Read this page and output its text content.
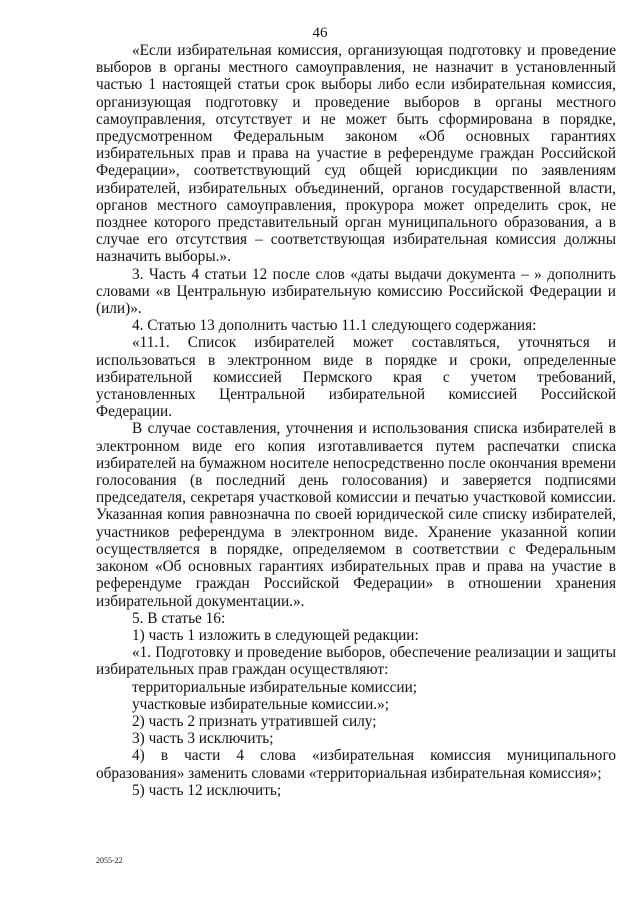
46

«Если избирательная комиссия, организующая подготовку и проведение выборов в органы местного самоуправления, не назначит в установленный частью 1 настоящей статьи срок выборы либо если избирательная комиссия, организующая подготовку и проведение выборов в органы местного самоуправления, отсутствует и не может быть сформирована в порядке, предусмотренном Федеральным законом «Об основных гарантиях избирательных прав и права на участие в референдуме граждан Российской Федерации», соответствующий суд общей юрисдикции по заявлениям избирателей, избирательных объединений, органов государственной власти, органов местного самоуправления, прокурора может определить срок, не позднее которого представительный орган муниципального образования, а в случае его отсутствия – соответствующая избирательная комиссия должны назначить выборы.».

3. Часть 4 статьи 12 после слов «даты выдачи документа – » дополнить словами «в Центральную избирательную комиссию Российской Федерации и (или)».

4. Статью 13 дополнить частью 11.1 следующего содержания:

«11.1. Список избирателей может составляться, уточняться и использоваться в электронном виде в порядке и сроки, определенные избирательной комиссией Пермского края с учетом требований, установленных Центральной избирательной комиссией Российской Федерации.

В случае составления, уточнения и использования списка избирателей в электронном виде его копия изготавливается путем распечатки списка избирателей на бумажном носителе непосредственно после окончания времени голосования (в последний день голосования) и заверяется подписями председателя, секретаря участковой комиссии и печатью участковой комиссии. Указанная копия равнозначна по своей юридической силе списку избирателей, участников референдума в электронном виде. Хранение указанной копии осуществляется в порядке, определяемом в соответствии с Федеральным законом «Об основных гарантиях избирательных прав и права на участие в референдуме граждан Российской Федерации» в отношении хранения избирательной документации.».

5. В статье 16:

1) часть 1 изложить в следующей редакции:

«1. Подготовку и проведение выборов, обеспечение реализации и защиты избирательных прав граждан осуществляют:

территориальные избирательные комиссии;

участковые избирательные комиссии.»;

2) часть 2 признать утратившей силу;

3) часть 3 исключить;

4) в части 4 слова «избирательная комиссия муниципального образования» заменить словами «территориальная избирательная комиссия»;

5) часть 12 исключить;

2055-22
